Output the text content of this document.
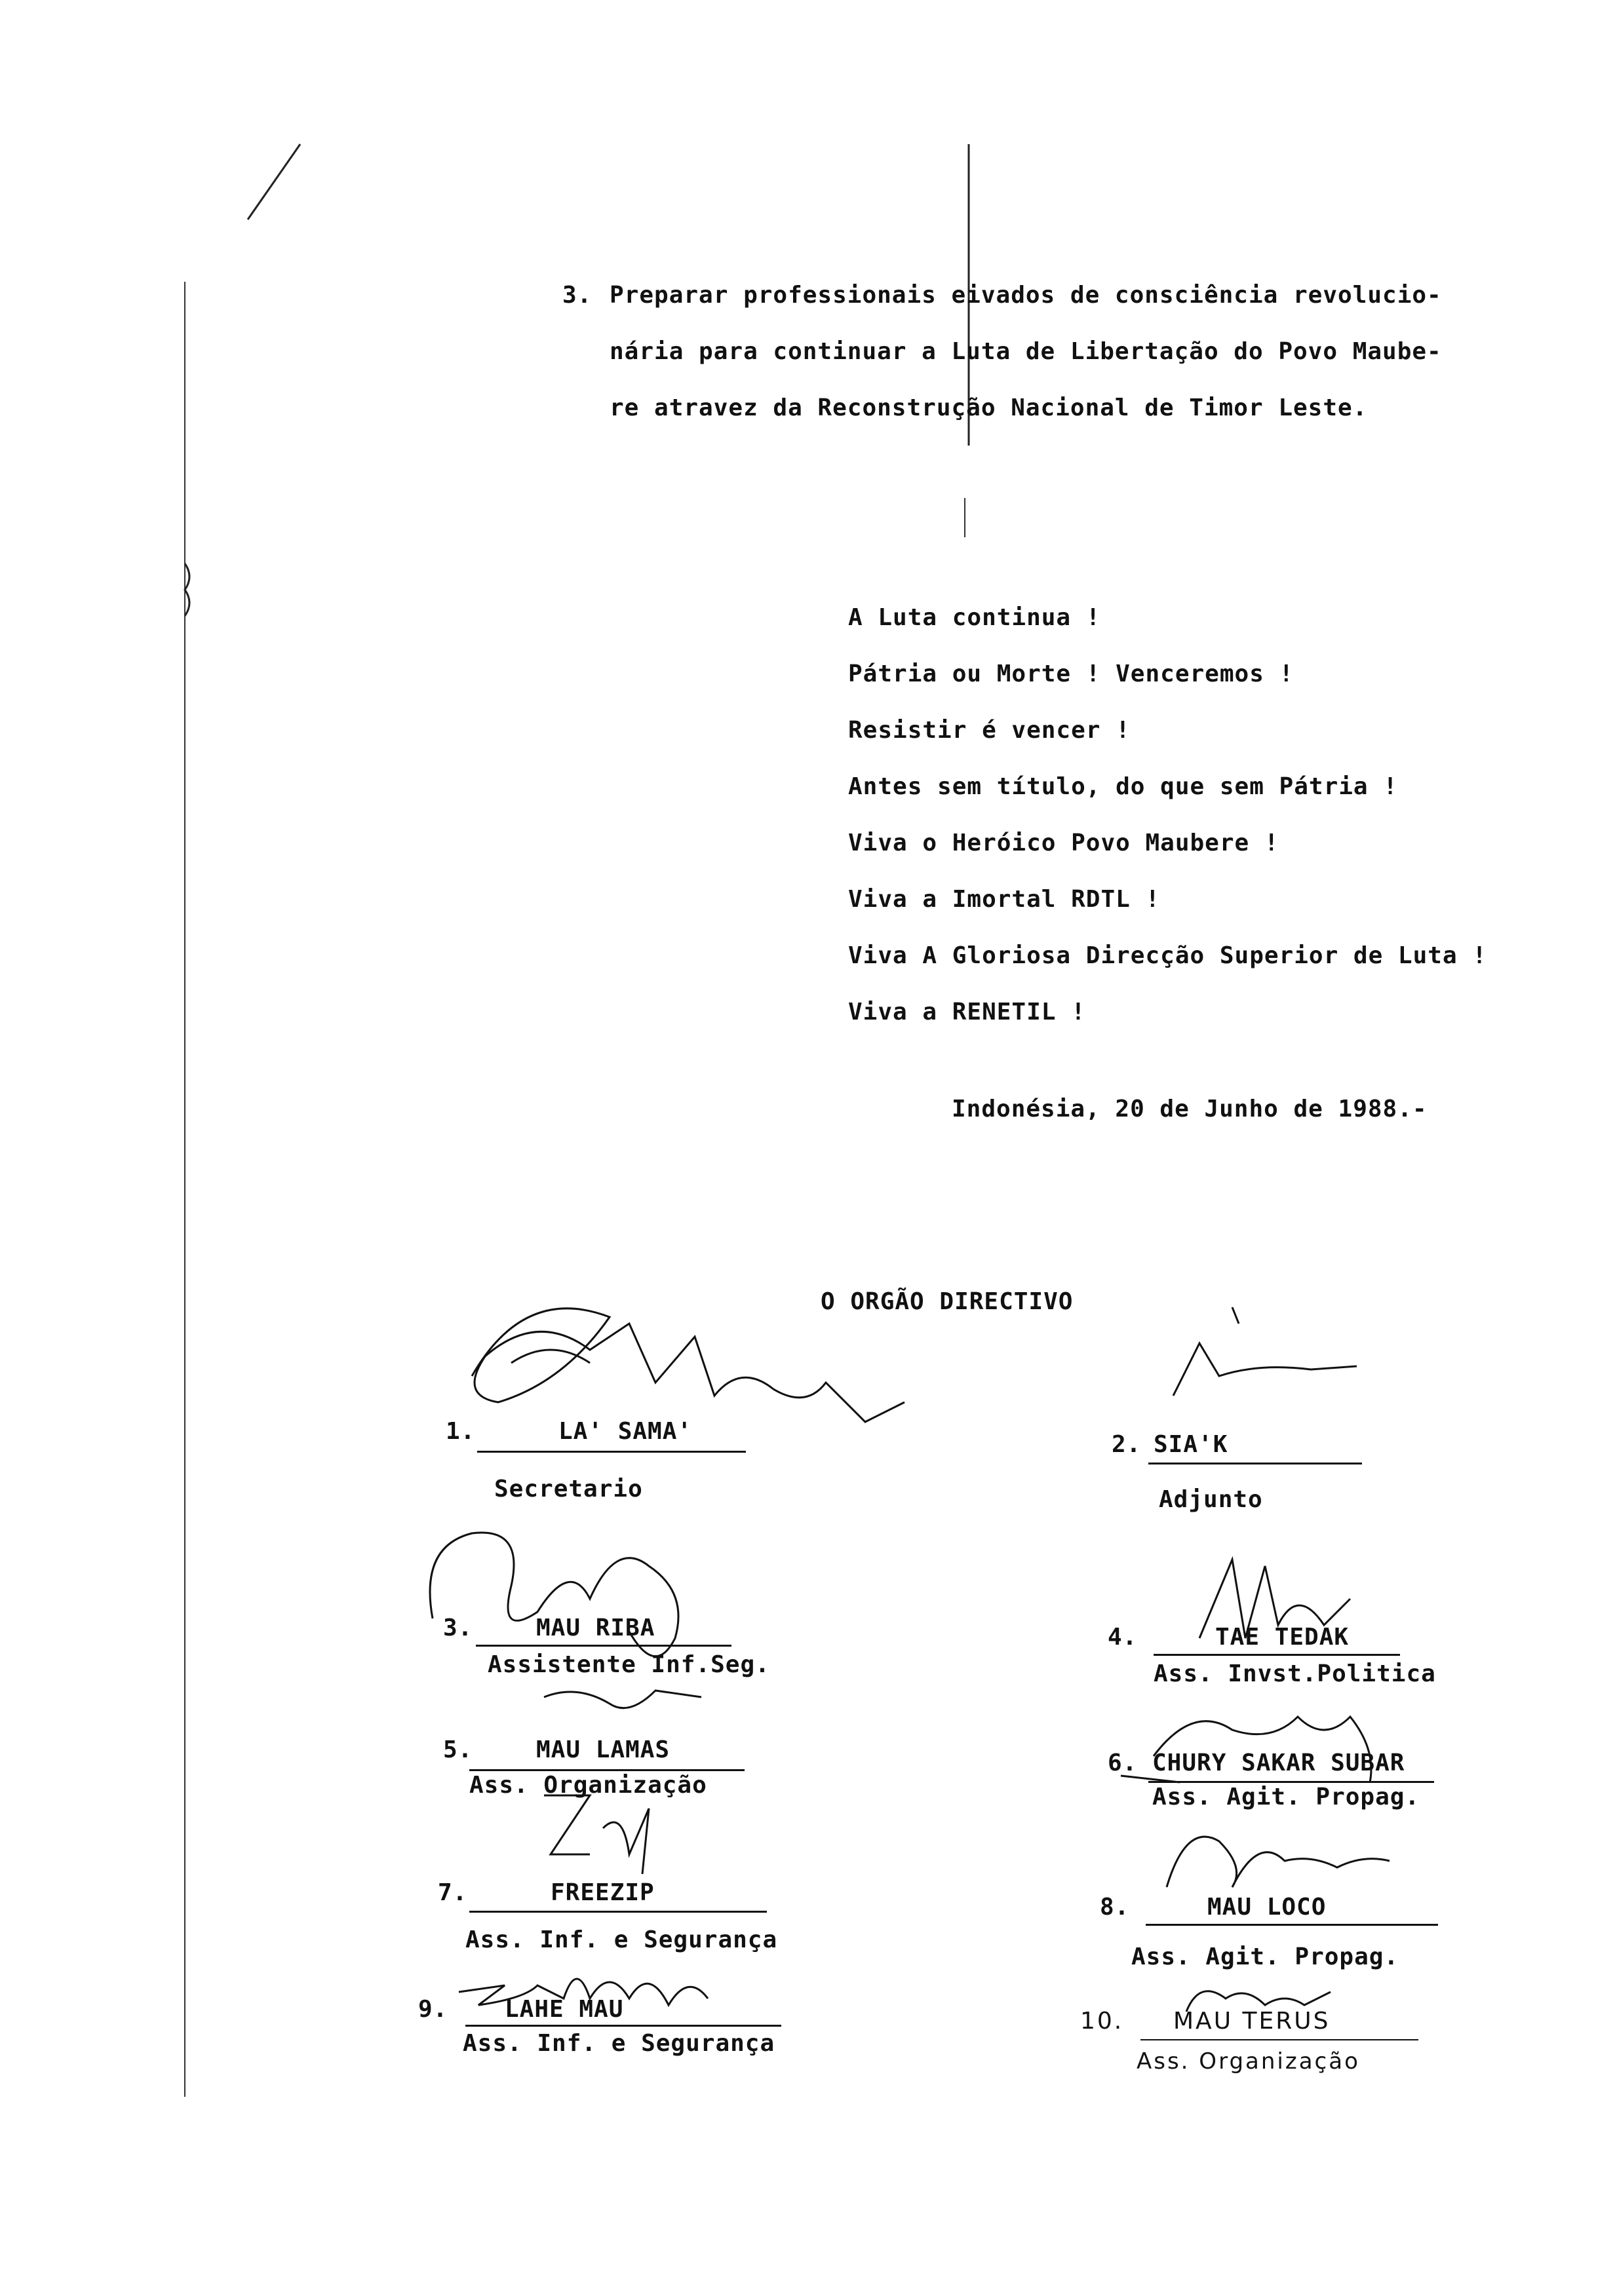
3. Preparar professionais eivados de consciência revolucio-
nária para continuar a Luta de Libertação do Povo Maube-
re atravez da Reconstrução Nacional de Timor Leste.
A Luta continua !
Pátria ou Morte ! Venceremos !
Resistir é vencer !
Antes sem título, do que sem Pátria !
Viva o Heróico Povo Maubere !
Viva a Imortal RDTL !
Viva A Gloriosa Direcção Superior de Luta !
Viva a RENETIL !
Indonésia, 20 de Junho de 1988.-
O ORGÃO DIRECTIVO
1.	LA' SAMA'
Secretario
2. SIA'K
Adjunto
3.	MAU RIBA
Assistente Inf.Seg.
4.	TAE TEDAK
Ass. Invst.Politica
5.	MAU LAMAS
Ass. Organização
6. CHURY SAKAR SUBAR
Ass. Agit. Propag.
7.	FREEZIP
Ass. Inf. e Segurança
8.	MAU LOCO
Ass. Agit. Propag.
9. LAHE MAU
Ass. Inf. e Segurança
10. MAU TERUS
Ass. Organização
